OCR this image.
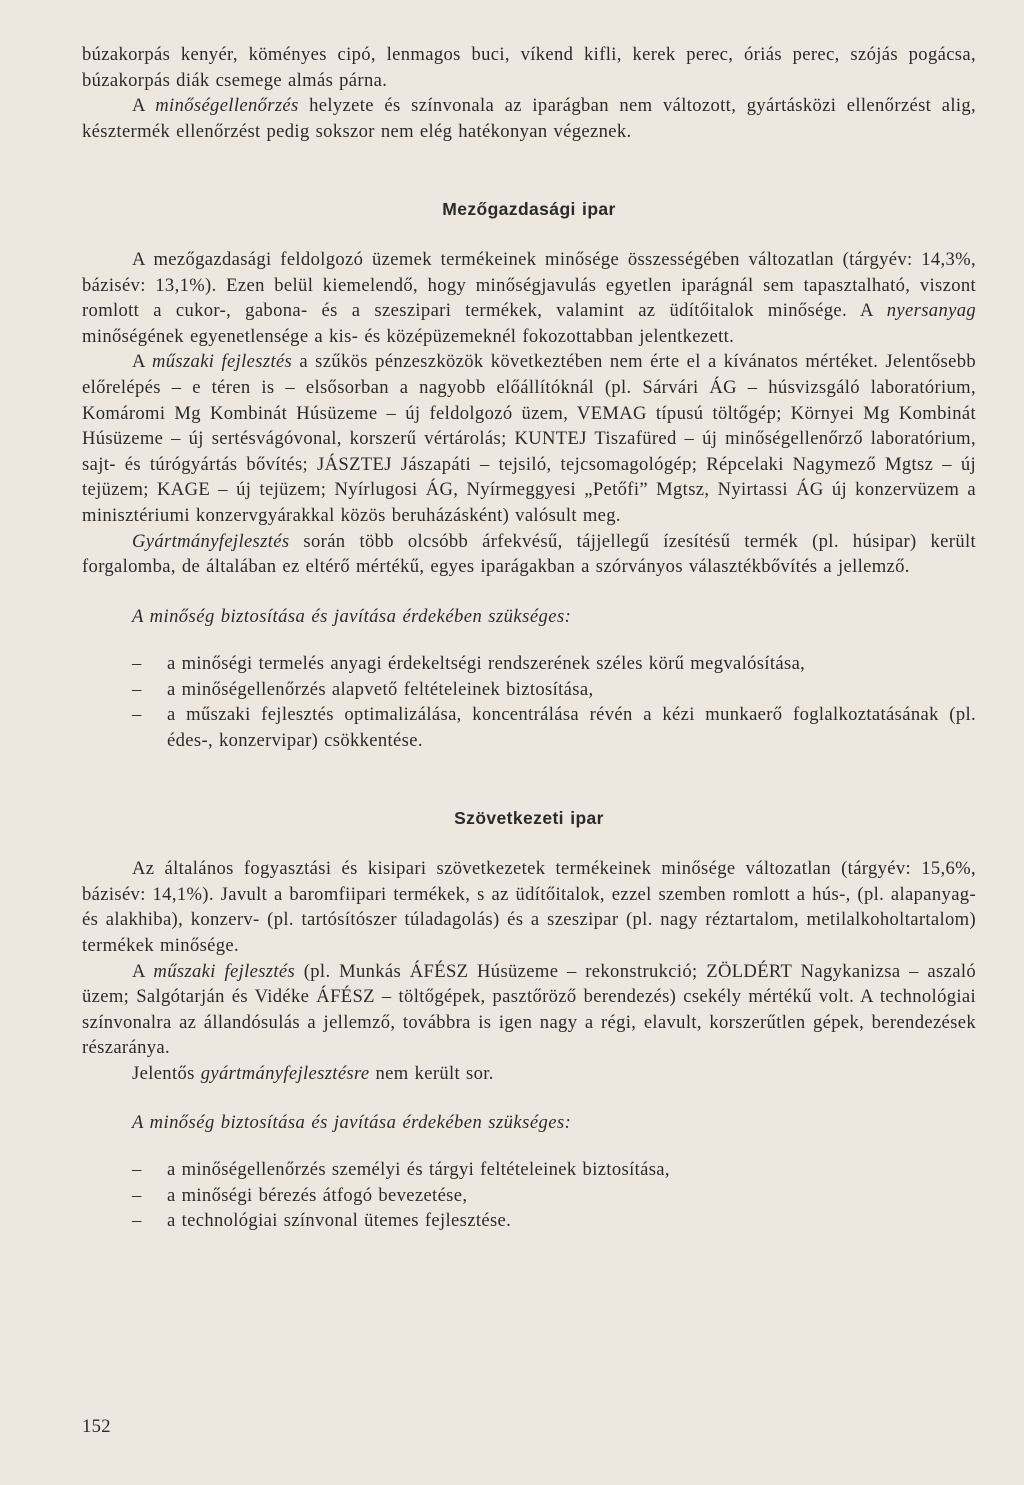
búzakorpás kenyér, köményes cipó, lenmagos buci, víkend kifli, kerek perec, óriás perec, szójás pogácsa, búzakorpás diák csemege almás párna.

A minőségellenőrzés helyzete és színvonala az iparágban nem változott, gyártásközi ellenőrzést alig, késztermék ellenőrzést pedig sokszor nem elég hatékonyan végeznek.

Mezőgazdasági ipar

A mezőgazdasági feldolgozó üzemek termékeinek minősége összességében változatlan (tárgyév: 14,3%, bázisév: 13,1%). Ezen belül kiemelendő, hogy minőségjavulás egyetlen iparágnál sem tapasztalható, viszont romlott a cukor-, gabona- és a szeszipari termékek, valamint az üdítőitalok minősége. A nyersanyag minőségének egyenetlensége a kis- és középüzemeknél fokozottabban jelentkezett.

A műszaki fejlesztés a szűkös pénzeszközök következtében nem érte el a kívánatos mértéket. Jelentősebb előrelépés – e téren is – elsősorban a nagyobb előállítóknál (pl. Sárvári ÁG – húsvizsgáló laboratórium, Komáromi Mg Kombinát Húsüzeme – új feldolgozó üzem, VEMAG típusú töltőgép; Környei Mg Kombinát Húsüzeme – új sertésvágóvonal, korszerű vértárolás; KUNTEJ Tiszafüred – új minőségellenőrző laboratórium, sajt- és túrógyártás bővítés; JÁSZTEJ Jászapáti – tejsiló, tejcsomagológép; Répcelaki Nagymező Mgtsz – új tejüzem; KAGE – új tejüzem; Nyírlugosi ÁG, Nyírmeggyesi „Petőfi” Mgtsz, Nyirtassi ÁG új konzervüzem a minisztériumi konzervgyárakkal közös beruházásként) valósult meg.

Gyártmányfejlesztés során több olcsóbb árfekvésű, tájjellegű ízesítésű termék (pl. húsipar) került forgalomba, de általában ez eltérő mértékű, egyes iparágakban a szórványos választékbővítés a jellemző.

A minőség biztosítása és javítása érdekében szükséges:

– a minőségi termelés anyagi érdekeltségi rendszerének széles körű megvalósítása,
– a minőségellenőrzés alapvető feltételeinek biztosítása,
– a műszaki fejlesztés optimalizálása, koncentrálása révén a kézi munkaerő foglalkoztatásának (pl. édes-, konzervipar) csökkentése.
Szövetkezeti ipar

Az általános fogyasztási és kisipari szövetkezetek termékeinek minősége változatlan (tárgyév: 15,6%, bázisév: 14,1%). Javult a baromfiipari termékek, s az üdítőitalok, ezzel szemben romlott a hús-, (pl. alapanyag- és alakhiba), konzerv- (pl. tartósítószer túladagolás) és a szeszipar (pl. nagy réztartalom, metilalkoholtartalom) termékek minősége.

A műszaki fejlesztés (pl. Munkás ÁFÉSZ Húsüzeme – rekonstrukció; ZÖLDÉRT Nagykanizsa – aszaló üzem; Salgótarján és Vidéke ÁFÉSZ – töltőgépek, pasztőröző berendezés) csekély mértékű volt. A technológiai színvonalra az állandósulás a jellemző, továbbra is igen nagy a régi, elavult, korszerűtlen gépek, berendezések részaránya.

Jelentős gyártmányfejlesztésre nem került sor.

A minőség biztosítása és javítása érdekében szükséges:

– a minőségellenőrzés személyi és tárgyi feltételeinek biztosítása,
– a minőségi bérezés átfogó bevezetése,
– a technológiai színvonal ütemes fejlesztése.
152
